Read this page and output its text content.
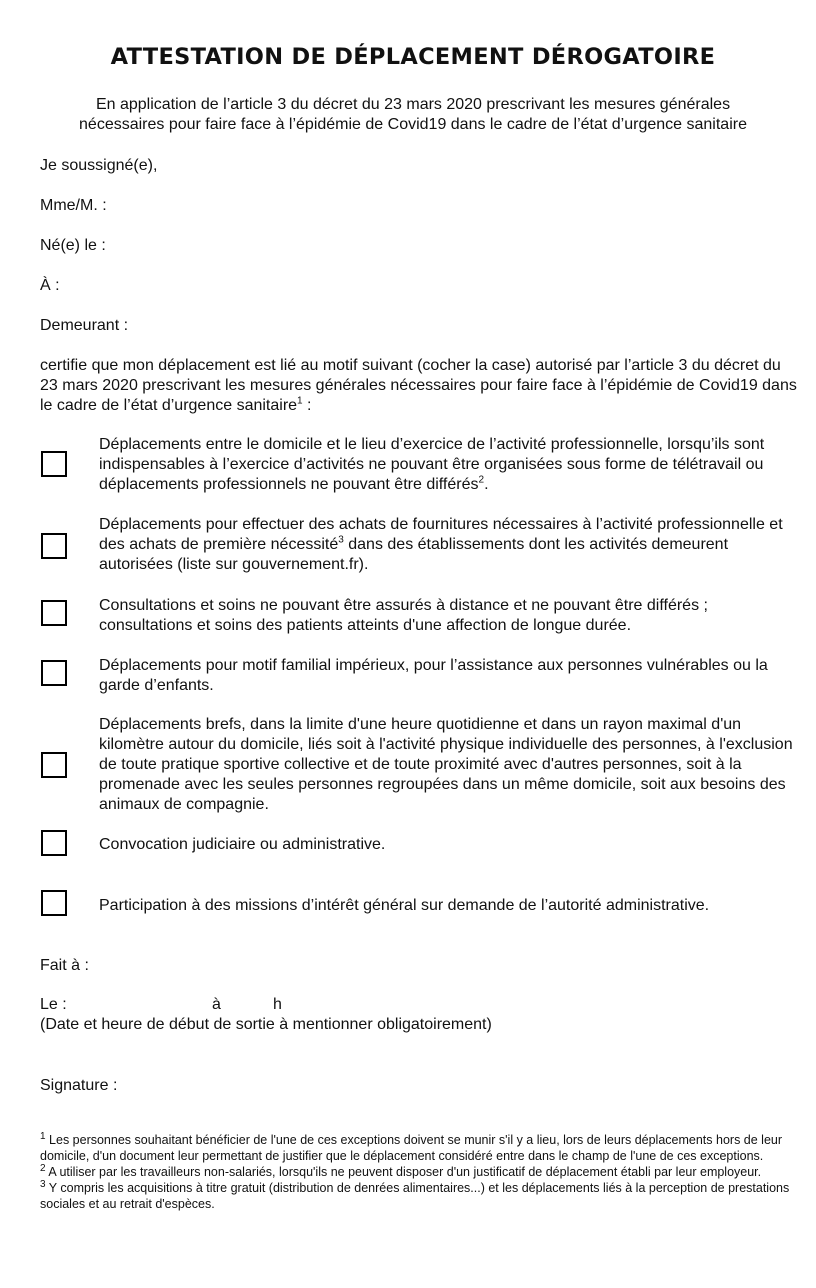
ATTESTATION DE DÉPLACEMENT DÉROGATOIRE
En application de l’article 3 du décret du 23 mars 2020 prescrivant les mesures générales
nécessaires pour faire face à l’épidémie de Covid19 dans le cadre de l’état d’urgence sanitaire
Je soussigné(e),
Mme/M. :
Né(e) le :
À :
Demeurant :
certifie que mon déplacement est lié au motif suivant (cocher la case) autorisé par l’article 3 du décret du 23 mars 2020 prescrivant les mesures générales nécessaires pour faire face à l’épidémie de Covid19 dans le cadre de l’état d’urgence sanitaire$^1$ :
Déplacements entre le domicile et le lieu d’exercice de l’activité professionnelle, lorsqu’ils sont indispensables à l’exercice d’activités ne pouvant être organisées sous forme de télétravail ou déplacements professionnels ne pouvant être différés$^2$.
Déplacements pour effectuer des achats de fournitures nécessaires à l’activité professionnelle et des achats de première nécessité$^3$ dans des établissements dont les activités demeurent autorisées (liste sur gouvernement.fr).
Consultations et soins ne pouvant être assurés à distance et ne pouvant être différés ; consultations et soins des patients atteints d'une affection de longue durée.
Déplacements pour motif familial impérieux, pour l’assistance aux personnes vulnérables ou la garde d’enfants.
Déplacements brefs, dans la limite d'une heure quotidienne et dans un rayon maximal d'un kilomètre autour du domicile, liés soit à l'activité physique individuelle des personnes, à l'exclusion de toute pratique sportive collective et de toute proximité avec d'autres personnes, soit à la promenade avec les seules personnes regroupées dans un même domicile, soit aux besoins des animaux de compagnie.
Convocation judiciaire ou administrative.
Participation à des missions d’intérêt général sur demande de l’autorité administrative.
Fait à :
Le :	à	h
(Date et heure de début de sortie à mentionner obligatoirement)
Signature :
$^1$ Les personnes souhaitant bénéficier de l'une de ces exceptions doivent se munir s'il y a lieu, lors de leurs déplacements hors de leur domicile, d'un document leur permettant de justifier que le déplacement considéré entre dans le champ de l'une de ces exceptions.
$^2$ A utiliser par les travailleurs non-salariés, lorsqu'ils ne peuvent disposer d'un justificatif de déplacement établi par leur employeur.
$^3$ Y compris les acquisitions à titre gratuit (distribution de denrées alimentaires...) et les déplacements liés à la perception de prestations sociales et au retrait d'espèces.
